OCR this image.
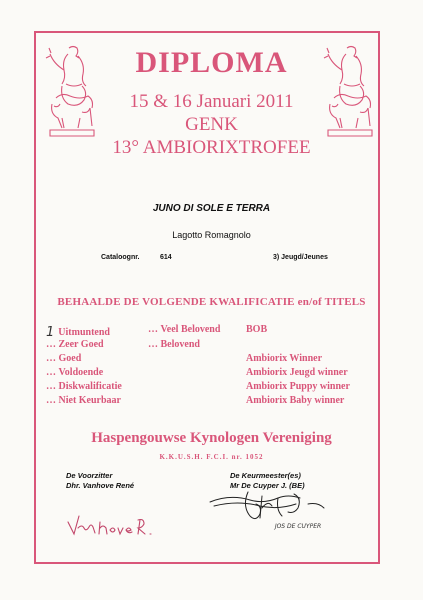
DIPLOMA
15 & 16 Januari 2011
GENK
13° AMBIORIXTROFEE
JUNO DI SOLE E TERRA
Lagotto Romagnolo
Cataloognr.	614	3) Jeugd/Jeunes
BEHAALDE DE VOLGENDE KWALIFICATIE en/of TITELS
1 Uitmuntend
… Zeer Goed
… Goed
… Voldoende
… Diskwalificatie
… Niet Keurbaar
… Veel Belovend
… Belovend
BOB
Ambiorix Winner
Ambiorix Jeugd winner
Ambiorix Puppy winner
Ambiorix Baby winner
Haspengouwse Kynologen Vereniging
K.K.U.S.H. F.C.I. nr. 1052
De Voorzitter
Dhr. Vanhove René
De Keurmeester(es)
Mr De Cuyper J. (BE)
JOS DE CUYPER
